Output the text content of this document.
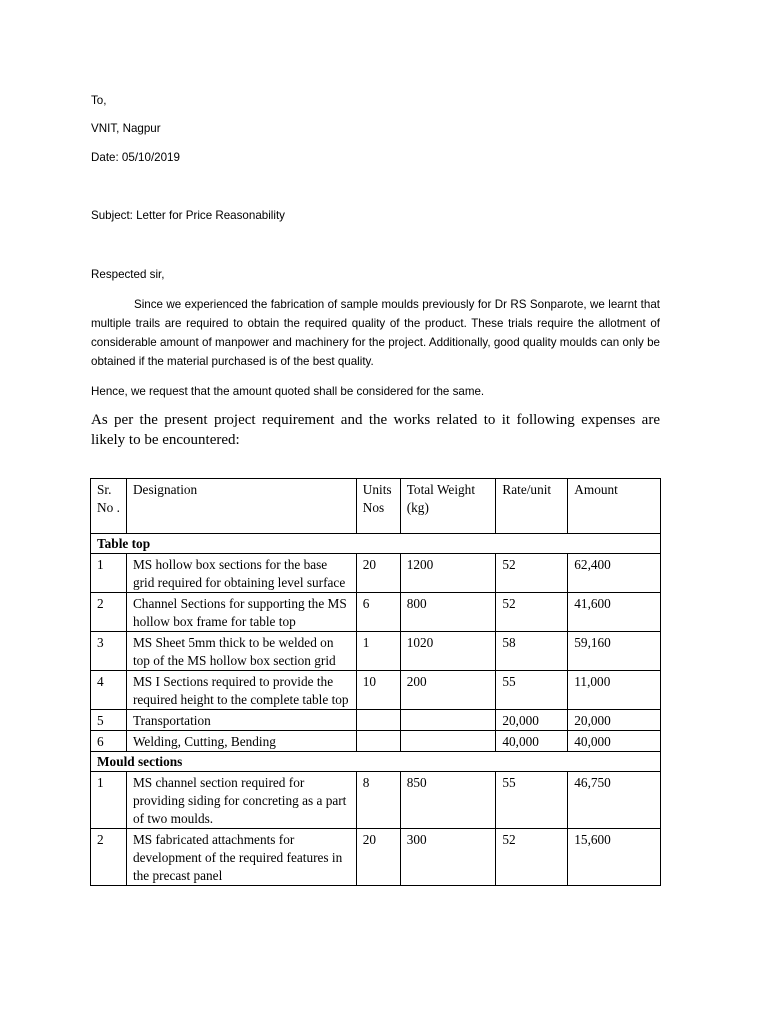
To,
VNIT, Nagpur
Date: 05/10/2019
Subject: Letter for Price Reasonability
Respected sir,
Since we experienced the fabrication of sample moulds previously for Dr RS Sonparote, we learnt that multiple trails are required to obtain the required quality of the product. These trials require the allotment of considerable amount of manpower and machinery for the project. Additionally, good quality moulds can only be obtained if the material purchased is of the best quality.
Hence, we request that the amount quoted shall be considered for the same.
As per the present project requirement and the works related to it following expenses are likely to be encountered:
Sr. No .	Designation	Units Nos	Total Weight (kg)	Rate/unit	Amount
Table top					
1	MS hollow box sections for the base grid required for obtaining level surface	20	1200	52	62,400
2	Channel Sections for supporting the MS hollow box frame for table top	6	800	52	41,600
3	MS Sheet 5mm thick to be welded on top of the MS hollow box section grid	1	1020	58	59,160
4	MS I Sections required to provide the required height to the complete table top	10	200	55	11,000
5	Transportation			20,000	20,000
6	Welding, Cutting, Bending			40,000	40,000
Mould sections					
1	MS channel section required for providing siding for concreting as a part of two moulds.	8	850	55	46,750
2	MS fabricated attachments for development of the required features in the precast panel	20	300	52	15,600
